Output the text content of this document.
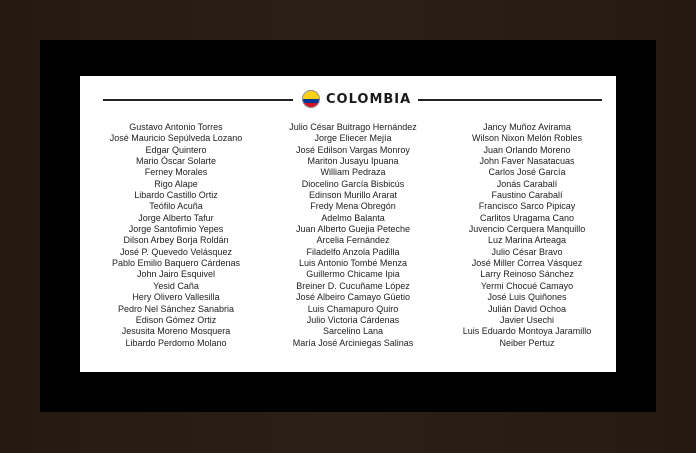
COLOMBIA
Gustavo Antonio Torres
José Mauricio Sepúlveda Lozano
Edgar Quintero
Mario Óscar Solarte
Ferney Morales
Rigo Alape
Libardo Castillo Ortiz
Teófilo Acuña
Jorge Alberto Tafur
Jorge Santofimio Yepes
Dilson Arbey Borja Roldán
José P. Quevedo Velásquez
Pablo Emilio Baquero Cárdenas
John Jairo Esquivel
Yesid Caña
Hery Olivero Vallesilla
Pedro Nel Sánchez Sanabria
Edison Gómez Ortiz
Jesusita Moreno Mosquera
Libardo Perdomo Molano
Julio César Buitrago Hernández
Jorge Eliecer Mejía
José Edilson Vargas Monroy
Mariton Jusayu Ipuana
William Pedraza
Diocelino García Bisbicús
Edinson Murillo Ararat
Fredy Mena Obregón
Adelmo Balanta
Juan Alberto Guejia Peteche
Arcelia Fernández
Filadelfo Anzola Padilla
Luis Antonio Tombé Menza
Guillermo Chicame Ipia
Breiner D. Cucuñame López
José Albeiro Camayo Güetio
Luis Chamapuro Quiro
Julio Victoria Cárdenas
Sarcelino Lana
María José Arciniegas Salinas
Jancy Muñoz Avirama
Wilson Nixon Melón Robles
Juan Orlando Moreno
John Faver Nasatacuas
Carlos José García
Jonás Carabalí
Faustino Carabalí
Francisco Sarco Pipicay
Carlitos Uragama Cano
Juvencio Cerquera Manquillo
Luz Marina Arteaga
Julio César Bravo
José Miller Correa Vásquez
Larry Reinoso Sánchez
Yermi Chocué Camayo
José Luis Quiñones
Julián David Ochoa
Javier Usechi
Luis Eduardo Montoya Jaramillo
Neiber Pertuz
